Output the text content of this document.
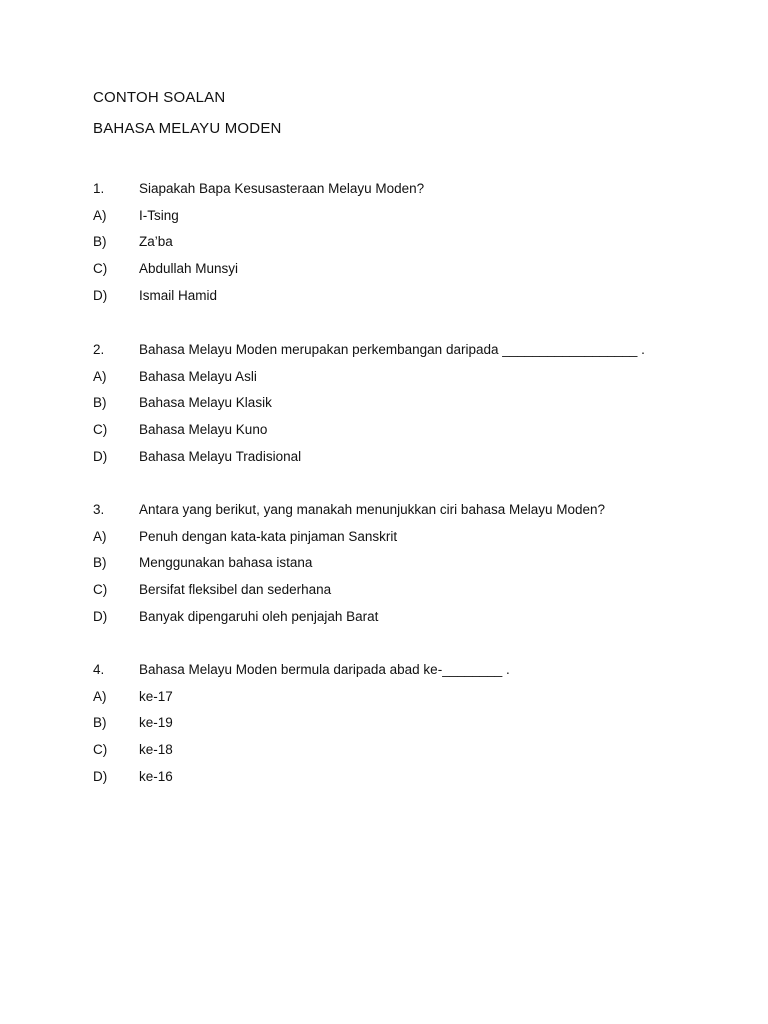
CONTOH SOALAN
BAHASA MELAYU MODEN
1.	Siapakah Bapa Kesusasteraan Melayu Moden?
A) I-Tsing
B) Za’ba
C) Abdullah Munsyi
D) Ismail Hamid
2.	Bahasa Melayu Moden merupakan perkembangan daripada __________________ .
A) Bahasa Melayu Asli
B) Bahasa Melayu Klasik
C) Bahasa Melayu Kuno
D) Bahasa Melayu Tradisional
3.	Antara yang berikut, yang manakah menunjukkan ciri bahasa Melayu Moden?
A) Penuh dengan kata-kata pinjaman Sanskrit
B) Menggunakan bahasa istana
C) Bersifat fleksibel dan sederhana
D) Banyak dipengaruhi oleh penjajah Barat
4.	Bahasa Melayu Moden bermula daripada abad ke-________ .
A) ke-17
B) ke-19
C) ke-18
D) ke-16
